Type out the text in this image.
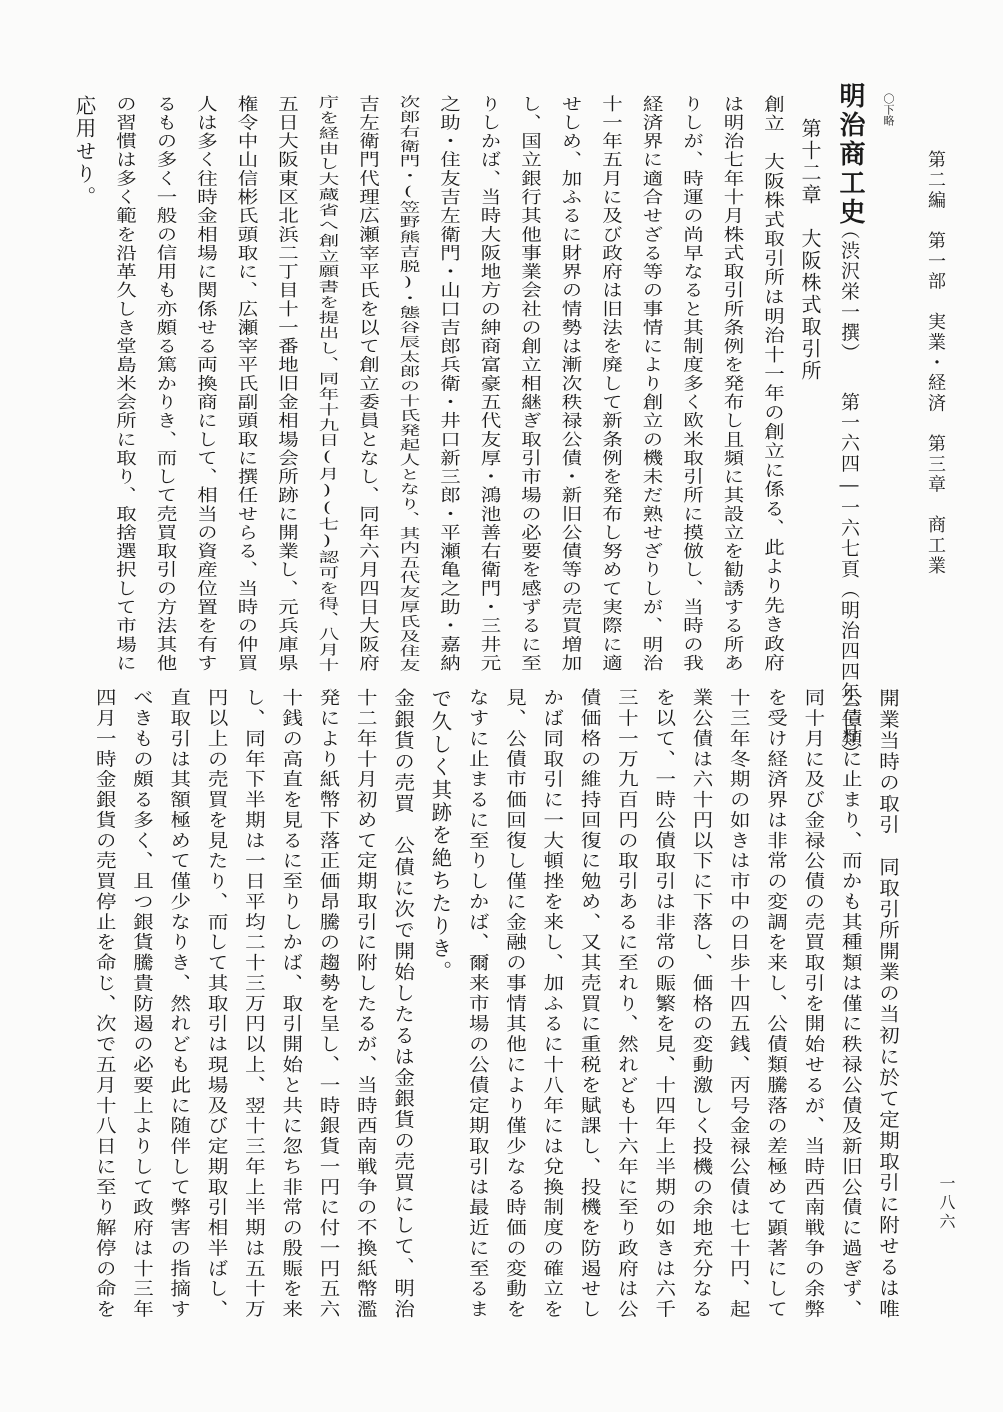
第二編　第一部　実業・経済　第三章　商工業
一八六
〇下略
明治商工史
（渋沢栄一撰）
第一六四―一六七頁（明治四四年三月）
第十二章　大阪株式取引所
創立　大阪株式取引所は明治十一年の創立に係る、此より先き政府
は明治七年十月株式取引所条例を発布し且頻に其設立を勧誘する所あ
りしが、時運の尚早なると其制度多く欧米取引所に摸倣し、当時の我
経済界に適合せざる等の事情により創立の機未だ熟せざりしが、明治
十一年五月に及び政府は旧法を廃して新条例を発布し努めて実際に適
せしめ、加ふるに財界の情勢は漸次秩禄公債・新旧公債等の売買増加
し、国立銀行其他事業会社の創立相継ぎ取引市場の必要を感ずるに至
りしかば、当時大阪地方の紳商富豪五代友厚・鴻池善右衛門・三井元
之助・住友吉左衛門・山口吉郎兵衛・井口新三郎・平瀬亀之助・嘉納
次郎右衛門・(笠野熊吉脱)・態谷辰太郎の十氏発起人となり、其内五代友厚氏及住友
吉左衛門代理広瀬宰平氏を以て創立委員となし、同年六月四日大阪府
庁を経由し大蔵省へ創立願書を提出し、同年十九日(月)(七)認可を得、八月十
五日大阪東区北浜二丁目十一番地旧金相場会所跡に開業し、元兵庫県
権令中山信彬氏頭取に、広瀬宰平氏副頭取に撰任せらる、当時の仲買
人は多く往時金相場に関係せる両換商にして、相当の資産位置を有す
るもの多く一般の信用も亦頗る篤かりき、而して売買取引の方法其他
の習慣は多く範を沿革久しき堂島米会所に取り、取捨選択して市場に
応用せり。
開業当時の取引　同取引所開業の当初に於て定期取引に附せるは唯
公債類に止まり、而かも其種類は僅に秩禄公債及新旧公債に過ぎず、
同十月に及び金禄公債の売買取引を開始せるが、当時西南戦争の余弊
を受け経済界は非常の変調を来し、公債類騰落の差極めて顕著にして
十三年冬期の如きは市中の日歩十四五銭、丙号金禄公債は七十円、起
業公債は六十円以下に下落し、価格の変動激しく投機の余地充分なる
を以て、一時公債取引は非常の賑繁を見、十四年上半期の如きは六千
三十一万九百円の取引あるに至れり、然れども十六年に至り政府は公
債価格の維持回復に勉め、又其売買に重税を賦課し、投機を防遏せし
かば同取引に一大頓挫を来し、加ふるに十八年には兌換制度の確立を
見、公債市価回復し僅に金融の事情其他により僅少なる時価の変動を
なすに止まるに至りしかば、爾来市場の公債定期取引は最近に至るま
で久しく其跡を絶ちたりき。
金銀貨の売買　公債に次で開始したるは金銀貨の売買にして、明治
十二年十月初めて定期取引に附したるが、当時西南戦争の不換紙幣濫
発により紙幣下落正価昂騰の趨勢を呈し、一時銀貨一円に付一円五六
十銭の高直を見るに至りしかば、取引開始と共に忽ち非常の殷賑を来
し、同年下半期は一日平均二十三万円以上、翌十三年上半期は五十万
円以上の売買を見たり、而して其取引は現場及び定期取引相半ばし、
直取引は其額極めて僅少なりき、然れども此に随伴して弊害の指摘す
べきもの頗る多く、且つ銀貨騰貴防遏の必要上よりして政府は十三年
四月一時金銀貨の売買停止を命じ、次で五月十八日に至り解停の命を
